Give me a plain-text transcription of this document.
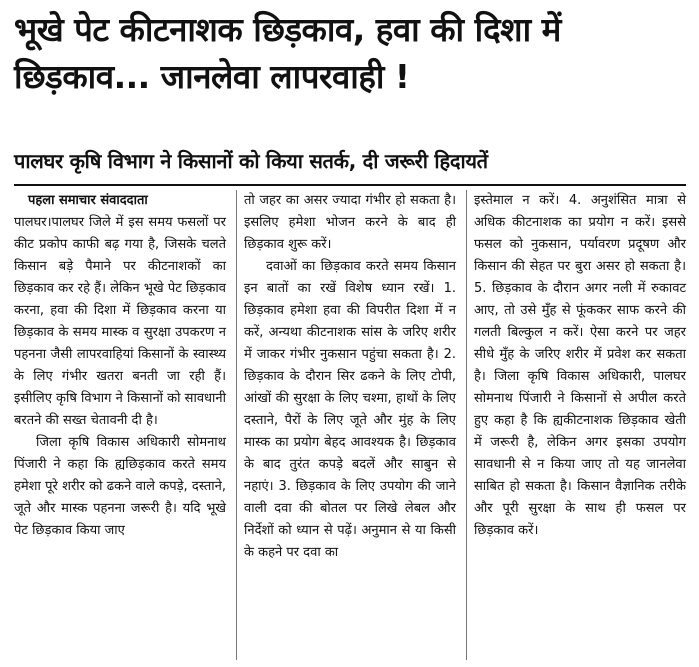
भूखे पेट कीटनाशक छिड़काव, हवा की दिशा में छिड़काव... जानलेवा लापरवाही !
पालघर कृषि विभाग ने किसानों को किया सतर्क, दी जरूरी हिदायतें
पहला समाचार संवाददाता
पालघर।पालघर जिले में इस समय फसलों पर कीट प्रकोप काफी बढ़ गया है, जिसके चलते किसान बड़े पैमाने पर कीटनाशकों का छिड़काव कर रहे हैं। लेकिन भूखे पेट छिड़काव करना, हवा की दिशा में छिड़काव करना या छिड़काव के समय मास्क व सुरक्षा उपकरण न पहनना जैसी लापरवाहियां किसानों के स्वास्थ्य के लिए गंभीर खतरा बनती जा रही हैं। इसीलिए कृषि विभाग ने किसानों को सावधानी बरतने की सख्त चेतावनी दी है।
जिला कृषि विकास अधिकारी सोमनाथ पिंजारी ने कहा कि ह्यछिड़काव करते समय हमेशा पूरे शरीर को ढकने वाले कपड़े, दस्ताने, जूते और मास्क पहनना जरूरी है। यदि भूखे पेट छिड़काव किया जाए
तो जहर का असर ज्यादा गंभीर हो सकता है। इसलिए हमेशा भोजन करने के बाद ही छिड़काव शुरू करें।
दवाओं का छिड़काव करते समय किसान इन बातों का रखें विशेष ध्यान रखें। 1. छिड़काव हमेशा हवा की विपरीत दिशा में न करें, अन्यथा कीटनाशक सांस के जरिए शरीर में जाकर गंभीर नुकसान पहुंचा सकता है। 2. छिड़काव के दौरान सिर ढकने के लिए टोपी, आंखों की सुरक्षा के लिए चश्मा, हाथों के लिए दस्ताने, पैरों के लिए जूते और मुंह के लिए मास्क का प्रयोग बेहद आवश्यक है। छिड़काव के बाद तुरंत कपड़े बदलें और साबुन से नहाएं। 3. छिड़काव के लिए उपयोग की जाने वाली दवा की बोतल पर लिखे लेबल और निर्देशों को ध्यान से पढ़ें। अनुमान से या किसी के कहने पर दवा का
इस्तेमाल न करें। 4. अनुशंसित मात्रा से अधिक कीटनाशक का प्रयोग न करें। इससे फसल को नुकसान, पर्यावरण प्रदूषण और किसान की सेहत पर बुरा असर हो सकता है। 5. छिड़काव के दौरान अगर नली में रुकावट आए, तो उसे मुँह से फूंककर साफ करने की गलती बिल्कुल न करें। ऐसा करने पर जहर सीधे मुँह के जरिए शरीर में प्रवेश कर सकता है। जिला कृषि विकास अधिकारी, पालघर सोमनाथ पिंजारी ने किसानों से अपील करते हुए कहा है कि ह्यकीटनाशक छिड़काव खेती में जरूरी है, लेकिन अगर इसका उपयोग सावधानी से न किया जाए तो यह जानलेवा साबित हो सकता है। किसान वैज्ञानिक तरीके और पूरी सुरक्षा के साथ ही फसल पर छिड़काव करें।
